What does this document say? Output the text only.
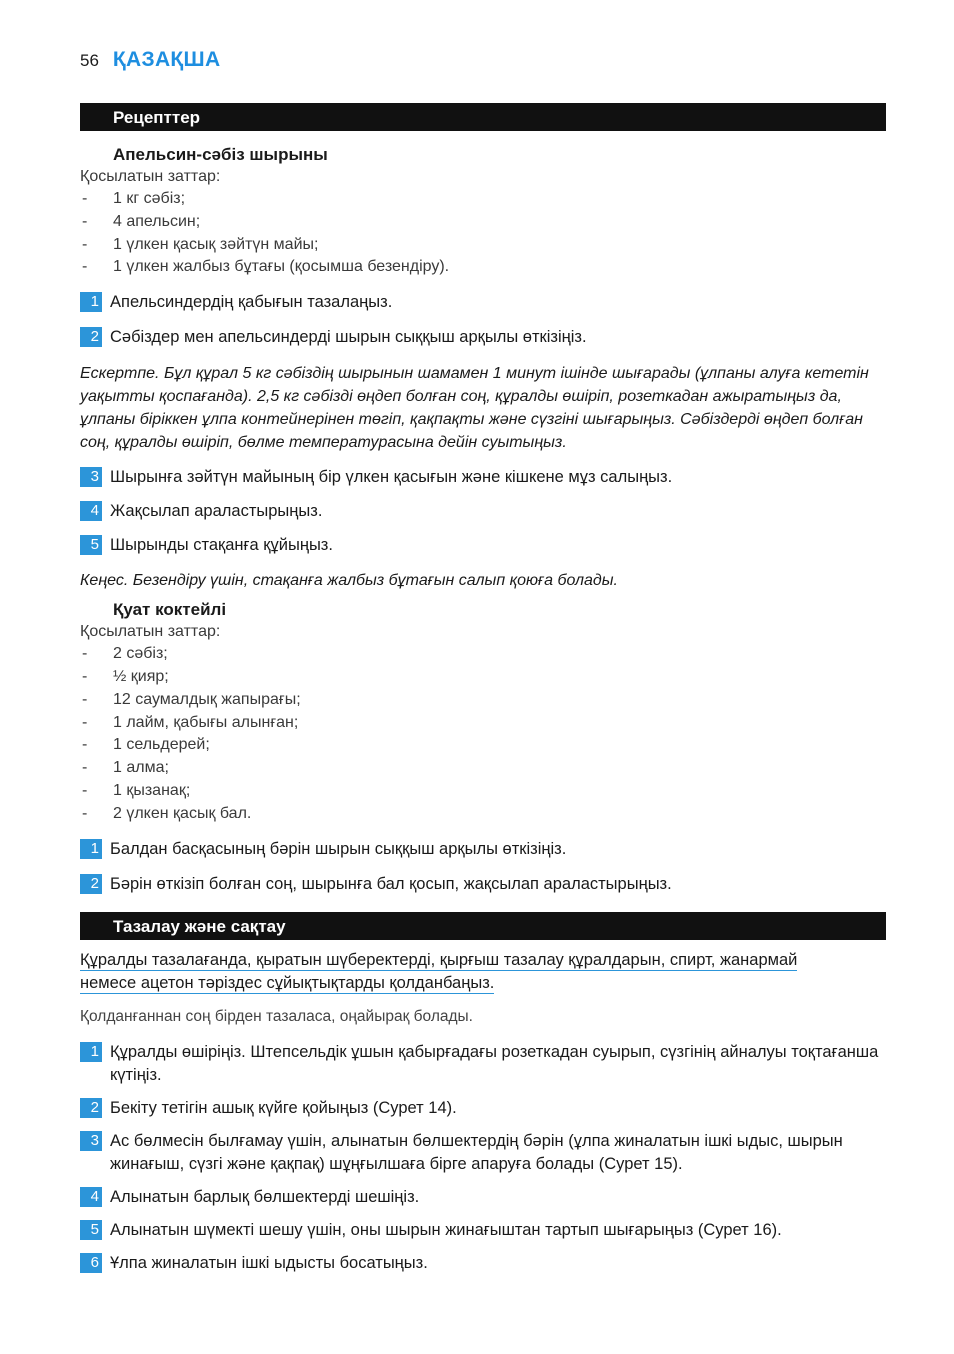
56 ҚАЗАҚША
Рецепттер
Апельсин-сәбіз шырыны
Қосылатын заттар:
- 1 кг сәбіз;
- 4 апельсин;
- 1 үлкен қасық зәйтүн майы;
- 1 үлкен жалбыз бұтағы (қосымша безендіру).
1 Апельсиндердің қабығын тазалаңыз.
2 Сәбіздер мен апельсиндерді шырын сыққыш арқылы өткізіңіз.
Ескертпе. Бұл құрал 5 кг сәбіздің шырынын шамамен 1 минут ішінде шығарады (ұлпаны алуға кететін уақытты қоспағанда). 2,5 кг сәбізді өңдеп болған соң, құралды өшіріп, розеткадан ажыратыңыз да, ұлпаны біріккен ұлпа контейнерінен төгіп, қақпақты және сүзгіні шығарыңыз. Сәбіздерді өңдеп болған соң, құралды өшіріп, бөлме температурасына дейін суытыңыз.
3 Шырынға зәйтүн майының бір үлкен қасығын және кішкене мұз салыңыз.
4 Жақсылап араластырыңыз.
5 Шырынды стақанға құйыңыз.
Кеңес. Безендіру үшін, стақанға жалбыз бұтағын салып қоюға болады.
Қуат коктейлі
Қосылатын заттар:
- 2 сәбіз;
- ½ қияр;
- 12 саумалдық жапырағы;
- 1 лайм, қабығы алынған;
- 1 сельдерей;
- 1 алма;
- 1 қызанақ;
- 2 үлкен қасық бал.
1 Балдан басқасының бәрін шырын сыққыш арқылы өткізіңіз.
2 Бәрін өткізіп болған соң, шырынға бал қосып, жақсылап араластырыңыз.
Тазалау және сақтау
Құралды тазалағанда, қыратын шүберектерді, қырғыш тазалау құралдарын, спирт, жанармай
немесе ацетон тәріздес сұйықтықтарды қолданбаңыз.
Қолданғаннан соң бірден тазаласа, оңайырақ болады.
1 Құралды өшіріңіз. Штепсельдік ұшын қабырғадағы розеткадан суырып, сүзгінің айналуы тоқтағанша күтіңіз.
2 Бекіту тетігін ашық күйге қойыңыз (Сурет 14).
3 Ас бөлмесін былғамау үшін, алынатын бөлшектердің бәрін (ұлпа жиналатын ішкі ыдыс, шырын жинағыш, сүзгі және қақпақ) шұңғылшаға бірге апаруға болады (Сурет 15).
4 Алынатын барлық бөлшектерді шешіңіз.
5 Алынатын шүмекті шешу үшін, оны шырын жинағыштан тартып шығарыңыз (Сурет 16).
6 Ұлпа жиналатын ішкі ыдысты босатыңыз.
